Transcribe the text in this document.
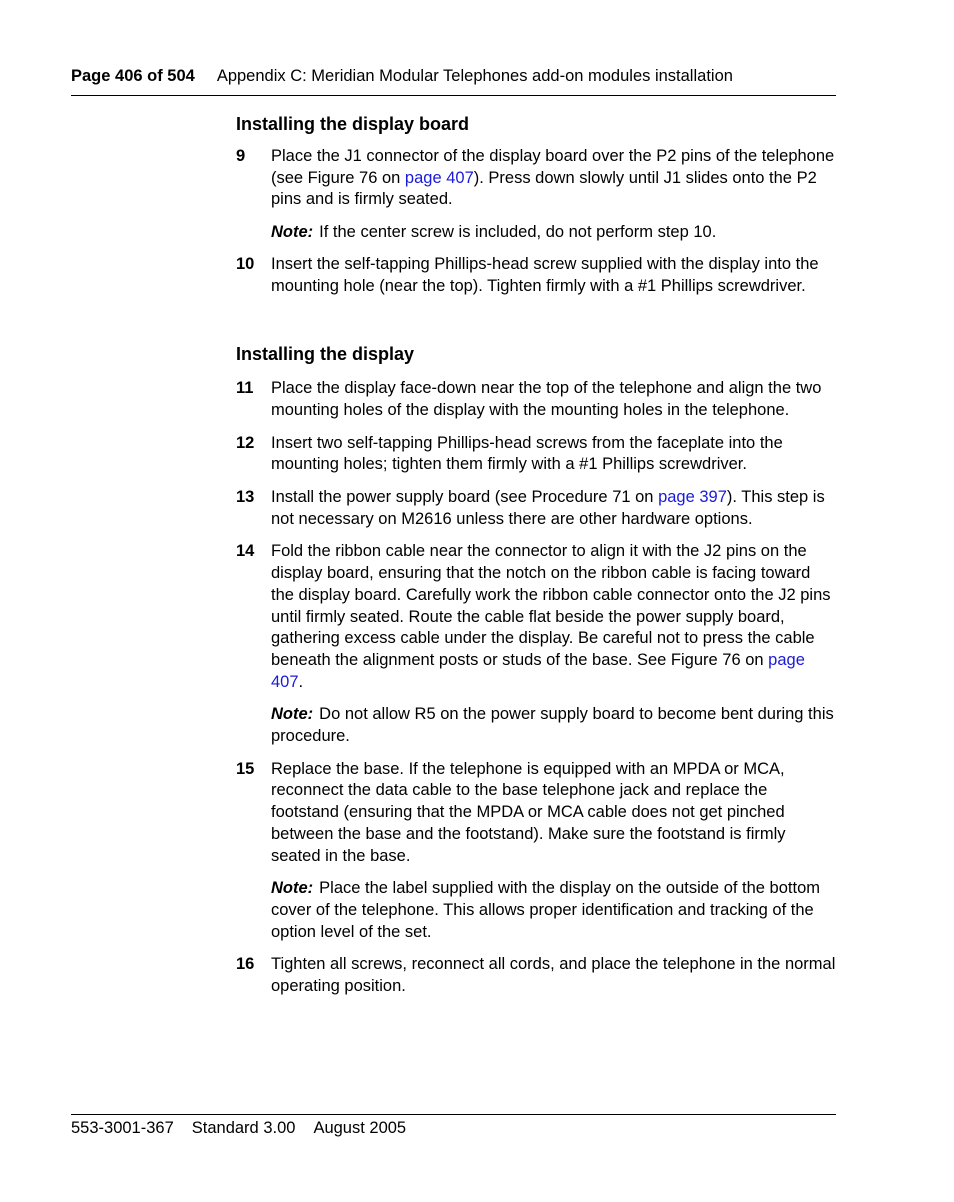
Page 406 of 504 Appendix C: Meridian Modular Telephones add-on modules installation
Installing the display board
9 Place the J1 connector of the display board over the P2 pins of the telephone (see Figure 76 on page 407). Press down slowly until J1 slides onto the P2 pins and is firmly seated.
Note: If the center screw is included, do not perform step 10.
10 Insert the self-tapping Phillips-head screw supplied with the display into the mounting hole (near the top). Tighten firmly with a #1 Phillips screwdriver.
Installing the display
11 Place the display face-down near the top of the telephone and align the two mounting holes of the display with the mounting holes in the telephone.
12 Insert two self-tapping Phillips-head screws from the faceplate into the mounting holes; tighten them firmly with a #1 Phillips screwdriver.
13 Install the power supply board (see Procedure 71 on page 397). This step is not necessary on M2616 unless there are other hardware options.
14 Fold the ribbon cable near the connector to align it with the J2 pins on the display board, ensuring that the notch on the ribbon cable is facing toward the display board. Carefully work the ribbon cable connector onto the J2 pins until firmly seated. Route the cable flat beside the power supply board, gathering excess cable under the display. Be careful not to press the cable beneath the alignment posts or studs of the base. See Figure 76 on page 407.
Note: Do not allow R5 on the power supply board to become bent during this procedure.
15 Replace the base. If the telephone is equipped with an MPDA or MCA, reconnect the data cable to the base telephone jack and replace the footstand (ensuring that the MPDA or MCA cable does not get pinched between the base and the footstand). Make sure the footstand is firmly seated in the base.
Note: Place the label supplied with the display on the outside of the bottom cover of the telephone. This allows proper identification and tracking of the option level of the set.
16 Tighten all screws, reconnect all cords, and place the telephone in the normal operating position.
553-3001-367 Standard 3.00 August 2005
